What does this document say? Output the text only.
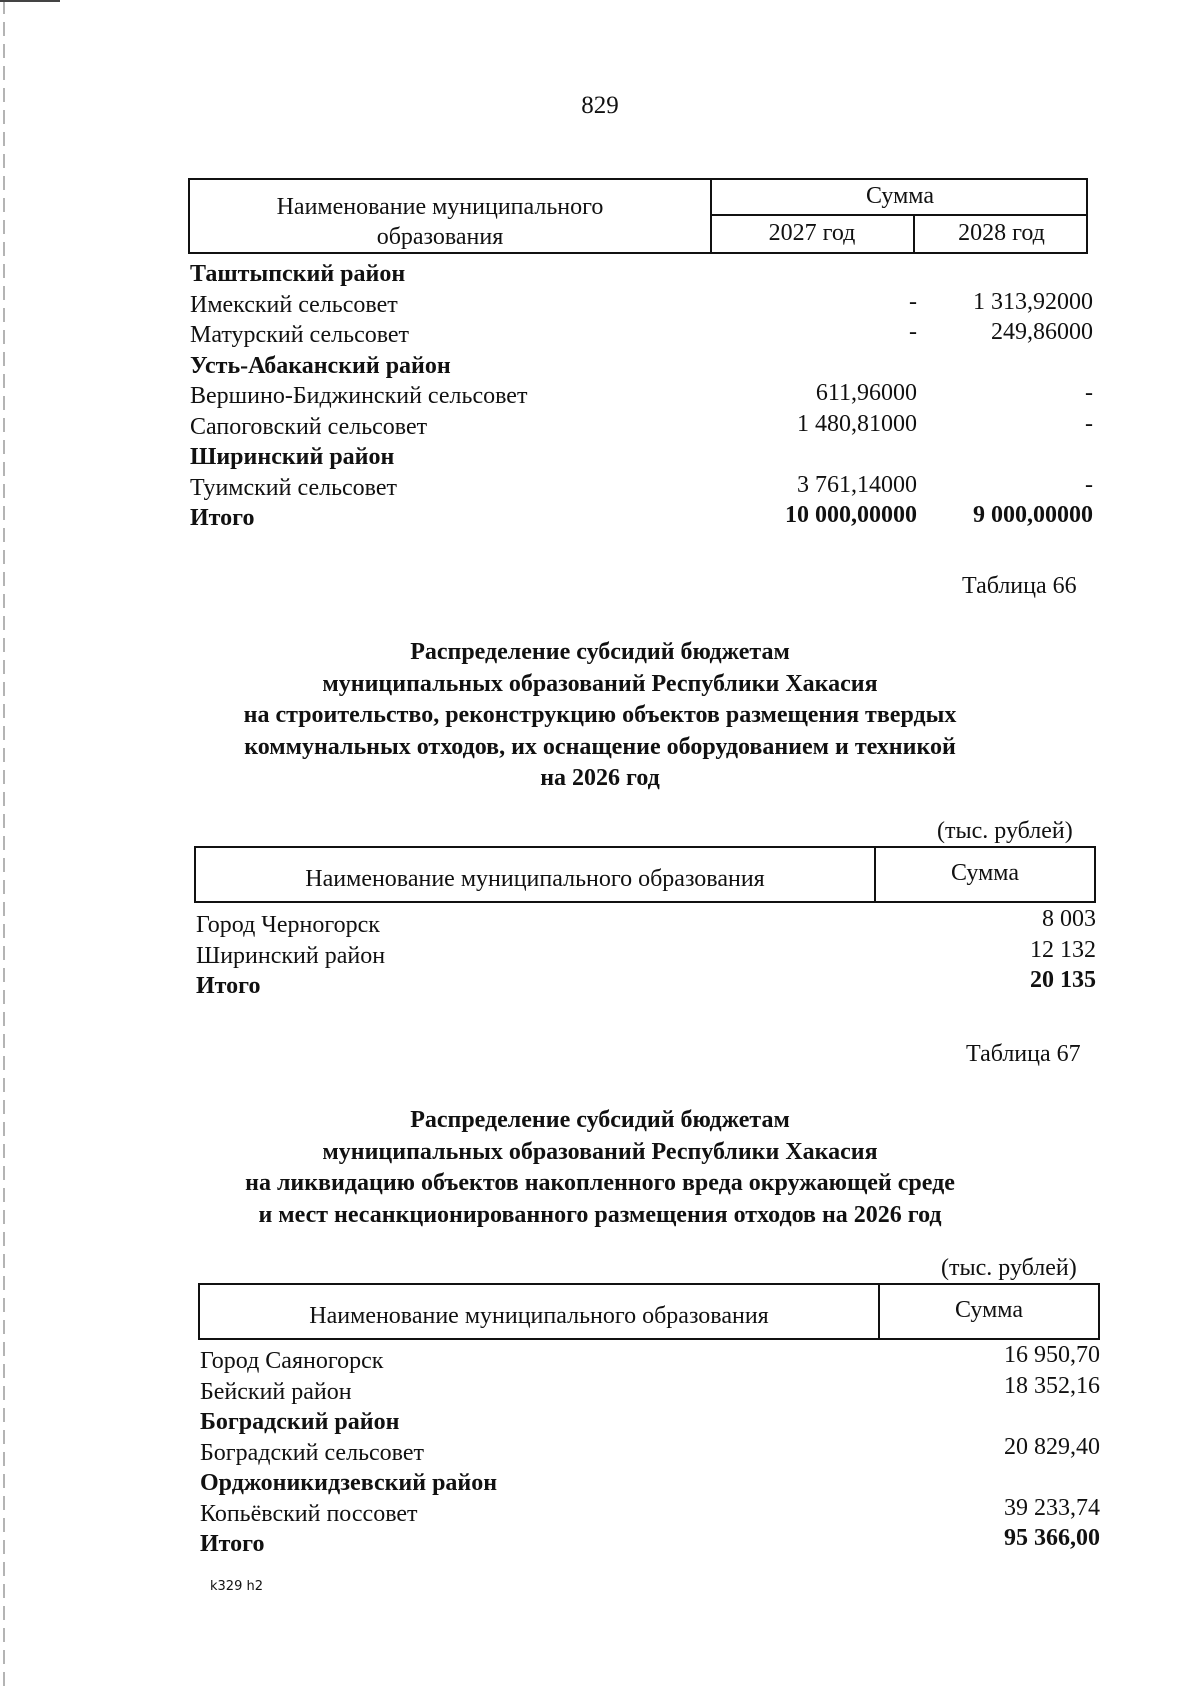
829
Наименование муниципального образования
Сумма
2027 год	2028 год
Таштыпский район
Имекский сельсовет	-	1 313,92000
Матурский сельсовет	-	249,86000
Усть-Абаканский район
Вершино-Биджинский сельсовет	611,96000	-
Сапоговский сельсовет	1 480,81000	-
Ширинский район
Туимский сельсовет	3 761,14000	-
Итого	10 000,00000	9 000,00000
Таблица 66
Распределение субсидий бюджетам
муниципальных образований Республики Хакасия
на строительство, реконструкцию объектов размещения твердых
коммунальных отходов, их оснащение оборудованием и техникой
на 2026 год
(тыс. рублей)
Наименование муниципального образования	Сумма
Город Черногорск	8 003
Ширинский район	12 132
Итого	20 135
Таблица 67
Распределение субсидий бюджетам
муниципальных образований Республики Хакасия
на ликвидацию объектов накопленного вреда окружающей среде
и мест несанкционированного размещения отходов на 2026 год
(тыс. рублей)
Наименование муниципального образования	Сумма
Город Саяногорск	16 950,70
Бейский район	18 352,16
Боградский район
Боградский сельсовет	20 829,40
Орджоникидзевский район
Копьёвский поссовет	39 233,74
Итого	95 366,00
k329 h2
